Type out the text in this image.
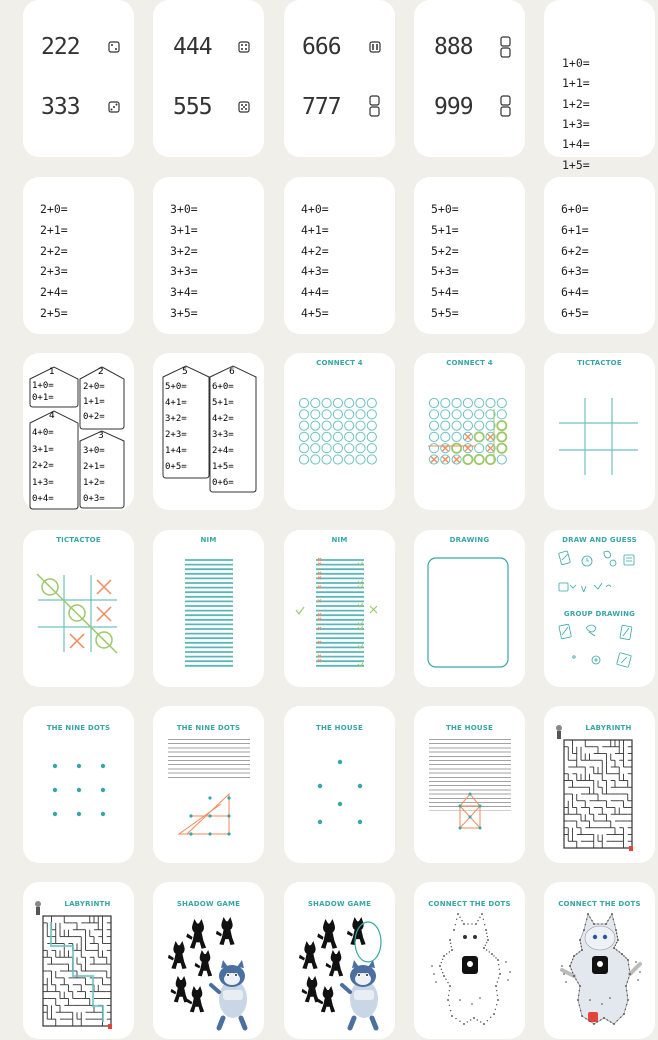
222
333
444
555
666
777
888
999

1+0=
1+1=
1+2=
1+3=
1+4=
1+5=

2+0=
2+1=
2+2=
2+3=
2+4=
2+5=
3+0=
3+1=
3+2=
3+3=
3+4=
3+5=
4+0=
4+1=
4+2=
4+3=
4+4=
4+5=
5+0=
5+1=
5+2=
5+3=
5+4=
5+5=
6+0=
6+1=
6+2=
6+3=
6+4=
6+5=
1
1+0=
0+1=
2
2+0=
1+1=
0+2=
4
4+0=
3+1=
2+2=
1+3=
0+4=
3
3+0=
2+1=
1+2=
0+3=
5
5+0=
4+1=
3+2=
2+3=
1+4=
0+5=
6
6+0=
5+1=
4+2=
3+3=
2+4=
1+5=
0+6=
CONNECT 4	CONNECT 4	TICTACTOE
TICTACTOE	NIM	NIM	DRAWING	DRAW AND GUESS
GROUP DRAWING
V
THE NINE DOTS	THE NINE DOTS	THE HOUSE	THE HOUSE	LABYRINTH
LABYRINTH	SHADOW GAME	SHADOW GAME	CONNECT THE DOTS	CONNECT THE DOTS
